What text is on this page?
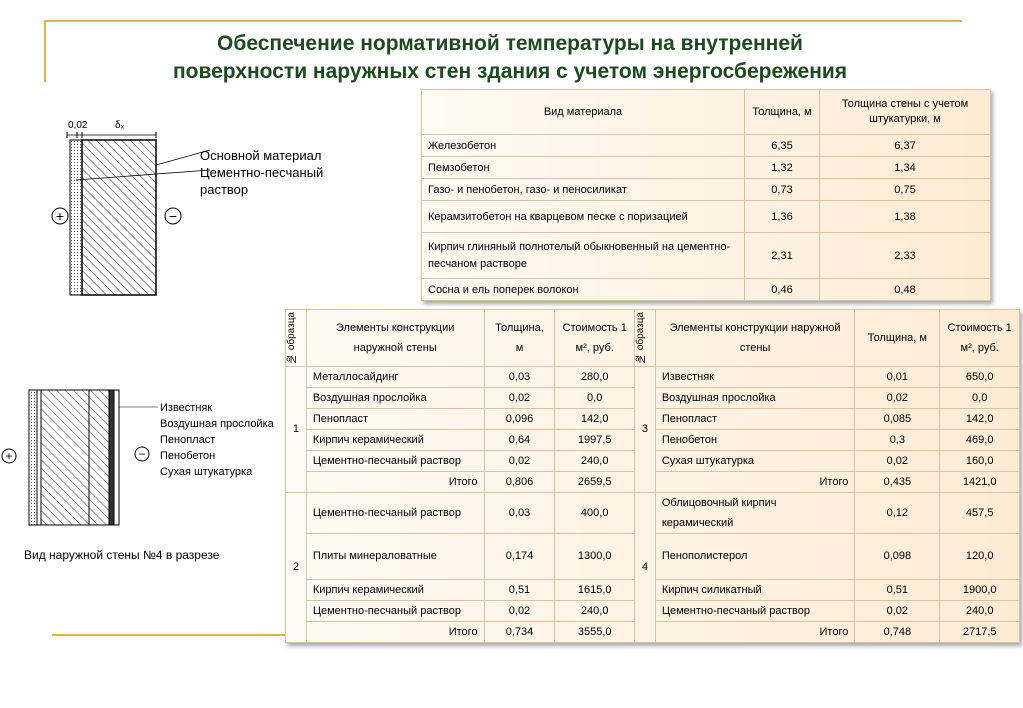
Обеспечение нормативной температуры на внутренней
поверхности наружных стен здания с учетом энергосбережения
0,02	δₓ
Основной материал
Цементно-песчаный
раствор
+	−
Известняк
Воздушная прослойка
Пенопласт
Пенобетон
Сухая штукатурка
+	−
Вид наружной стены №4 в разрезе
Вид материала	Толщина, м	Толщина стены с учетом штукатурки, м
Железобетон	6,35	6,37
Пемзобетон	1,32	1,34
Газо- и пенобетон, газо- и пеносиликат	0,73	0,75
Керамзитобетон на кварцевом песке с поризацией	1,36	1,38
Кирпич глиняный полнотелый обыкновенный на цементно-песчаном растворе	2,31	2,33
Сосна и ель поперек волокон	0,46	0,48
№ образца	Элементы конструкции наружной стены	Толщина, м	Стоимость 1 м², руб.	№ образца	Элементы конструкции наружной стены	Толщина, м	Стоимость 1 м², руб.
1	Металлосайдинг	0,03	280,0	3	Известняк	0,01	650,0
	Воздушная прослойка	0,02	0,0		Воздушная прослойка	0,02	0,0
	Пенопласт	0,096	142,0		Пенопласт	0,085	142,0
	Кирпич керамический	0,64	1997,5		Пенобетон	0,3	469,0
	Цементно-песчаный раствор	0,02	240,0		Сухая штукатурка	0,02	160,0
	Итого	0,806	2659,5		Итого	0,435	1421,0
2	Цементно-песчаный раствор	0,03	400,0	4	Облицовочный кирпич керамический	0,12	457,5
	Плиты минераловатные	0,174	1300,0		Пенополистерол	0,098	120,0
	Кирпич керамический	0,51	1615,0		Кирпич силикатный	0,51	1900,0
	Цементно-песчаный раствор	0,02	240,0		Цементно-песчаный раствор	0,02	240,0
	Итого	0,734	3555,0		Итого	0,748	2717,5
